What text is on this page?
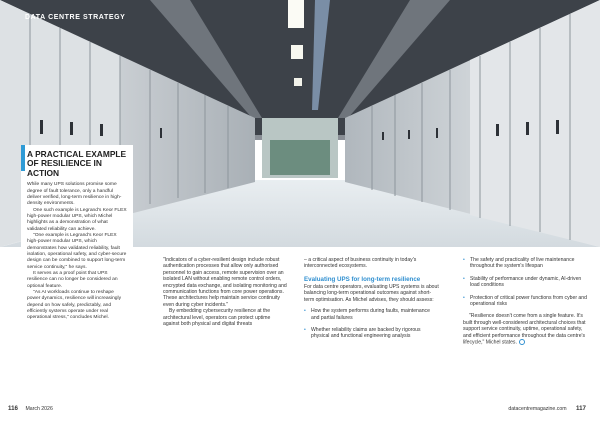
DATA CENTRE STRATEGY
A PRACTICAL EXAMPLE OF RESILIENCE IN ACTION

While many UPS solutions promise some degree of fault tolerance, only a handful deliver verified, long-term resilience in high-density environments.

One such example is Legrand's Keor FLEX high-power modular UPS, which Michel highlights as a demonstration of what validated reliability can achieve.

"One example is Legrand's Keor FLEX high-power modular UPS, which demonstrates how validated reliability, fault isolation, operational safety, and cyber-secure design can be combined to support long-term service continuity," he says.

It serves as a proof point that UPS resilience can no longer be considered an optional feature.

"As AI workloads continue to reshape power dynamics, resilience will increasingly depend on how safely, predictably, and efficiently systems operate under real operational stress," concludes Michel.

"Indicators of a cyber-resilient design include robust authentication processes that allow only authorised personnel to gain access, remote supervision over an isolated LAN without enabling remote control orders, encrypted data exchange, and isolating monitoring and communication functions from core power operations. These architectures help maintain service continuity even during cyber incidents."

By embedding cybersecurity resilience at the architectural level, operators can protect uptime against both physical and digital threats

– a critical aspect of business continuity in today's interconnected ecosystems.

Evaluating UPS for long-term resilience

For data centre operators, evaluating UPS systems is about balancing long-term operational outcomes against short-term optimisation. As Michel advises, they should assess:

• How the system performs during faults, maintenance and partial failures
• Whether reliability claims are backed by rigorous physical and functional engineering analysis
• The safety and practicality of live maintenance throughout the system's lifespan
• Stability of performance under dynamic, AI-driven load conditions
• Protection of critical power functions from cyber and operational risks

"Resilience doesn't come from a single feature. It's built through well-considered architectural choices that support service continuity, uptime, operational safety, and efficient performance throughout the data centre's lifecycle," Michel states.

116 March 2026	datacentremagazine.com 117
